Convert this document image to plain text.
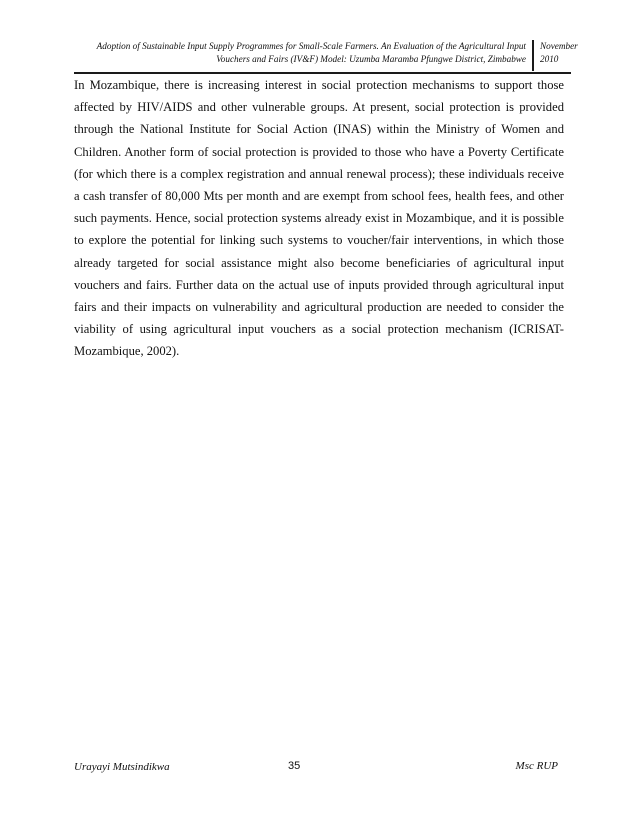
Adoption of Sustainable Input Supply Programmes for Small-Scale Farmers. An Evaluation of the Agricultural Input
Vouchers and Fairs (IV&F) Model: Uzumba Maramba Pfungwe District, Zimbabwe
November
2010

In Mozambique, there is increasing interest in social protection mechanisms to support those affected by HIV/AIDS and other vulnerable groups. At present, social protection is provided through the National Institute for Social Action (INAS) within the Ministry of Women and Children. Another form of social protection is provided to those who have a Poverty Certificate (for which there is a complex registration and annual renewal process); these individuals receive a cash transfer of 80,000 Mts per month and are exempt from school fees, health fees, and other such payments. Hence, social protection systems already exist in Mozambique, and it is possible to explore the potential for linking such systems to voucher/fair interventions, in which those already targeted for social assistance might also become beneficiaries of agricultural input vouchers and fairs. Further data on the actual use of inputs provided through agricultural input fairs and their impacts on vulnerability and agricultural production are needed to consider the viability of using agricultural input vouchers as a social protection mechanism (ICRISAT-Mozambique, 2002).

Urayayi Mutsindikwa	35	Msc RUP
